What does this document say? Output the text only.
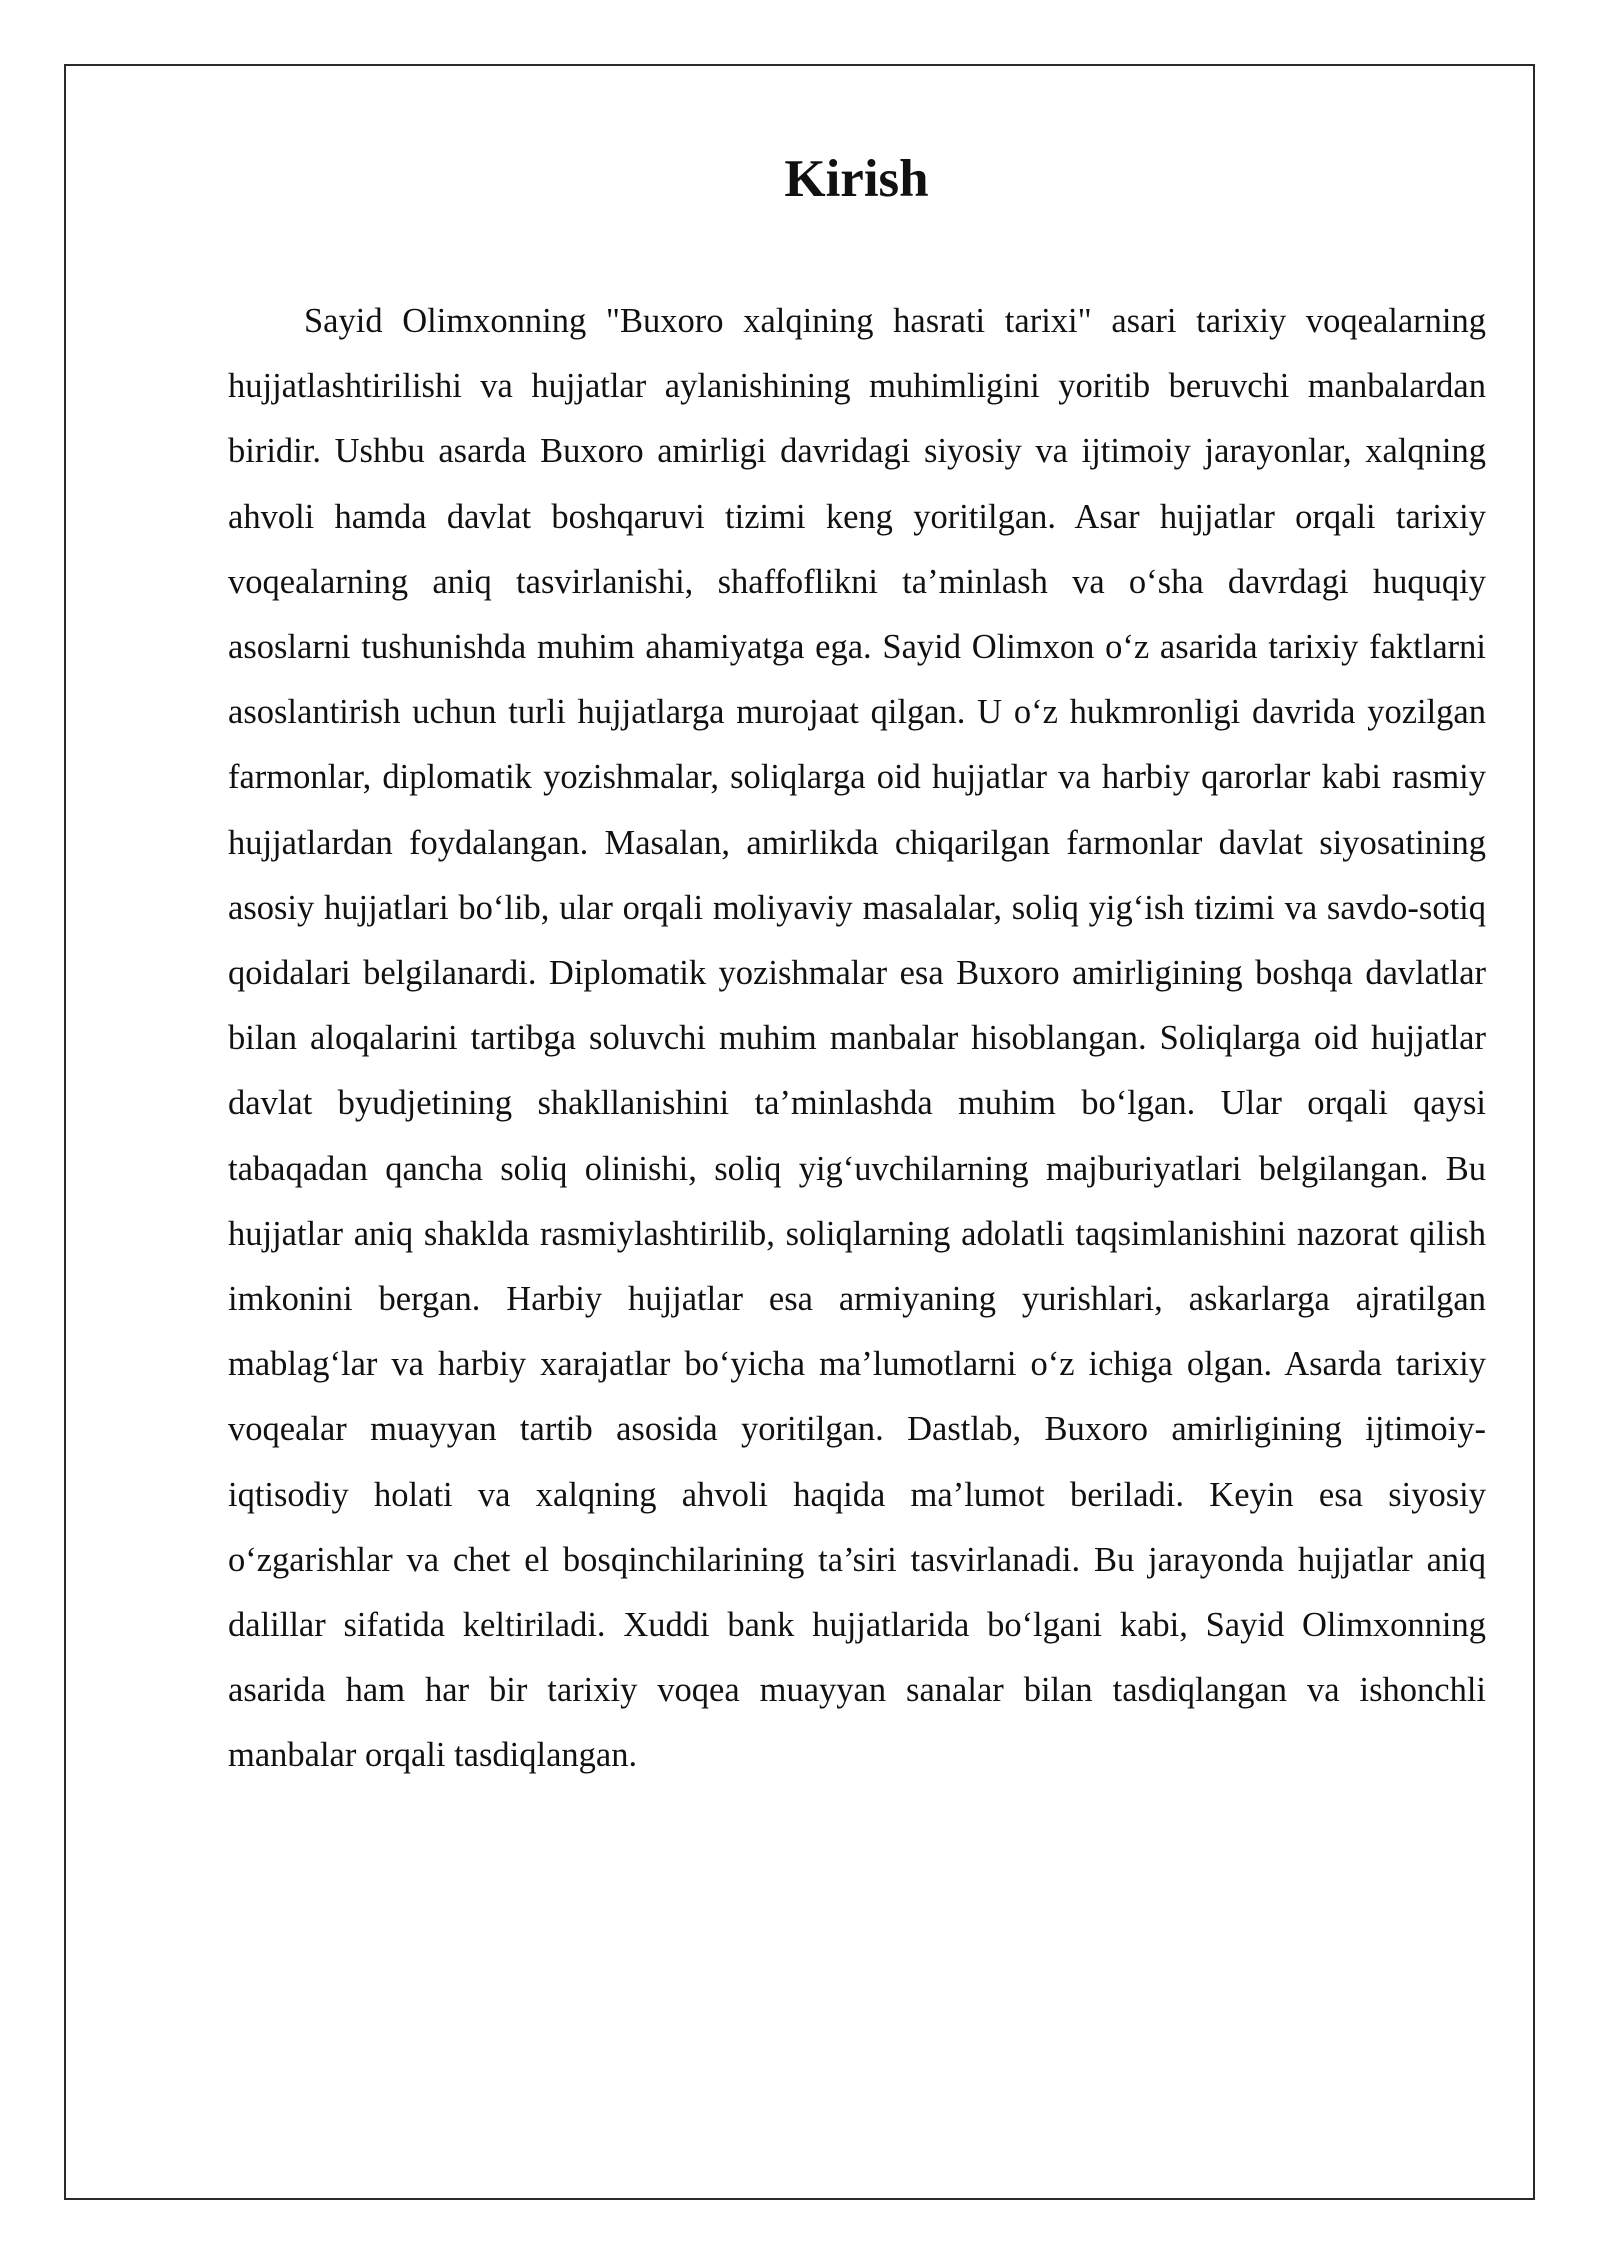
Kirish

Sayid Olimxonning "Buxoro xalqining hasrati tarixi" asari tarixiy voqealarning hujjatlashtirilishi va hujjatlar aylanishining muhimligini yoritib beruvchi manbalardan biridir. Ushbu asarda Buxoro amirligi davridagi siyosiy va ijtimoiy jarayonlar, xalqning ahvoli hamda davlat boshqaruvi tizimi keng yoritilgan. Asar hujjatlar orqali tarixiy voqealarning aniq tasvirlanishi, shaffoflikni ta’minlash va o‘sha davrdagi huquqiy asoslarni tushunishda muhim ahamiyatga ega. Sayid Olimxon o‘z asarida tarixiy faktlarni asoslantirish uchun turli hujjatlarga murojaat qilgan. U o‘z hukmronligi davrida yozilgan farmonlar, diplomatik yozishmalar, soliqlarga oid hujjatlar va harbiy qarorlar kabi rasmiy hujjatlardan foydalangan. Masalan, amirlikda chiqarilgan farmonlar davlat siyosatining asosiy hujjatlari bo‘lib, ular orqali moliyaviy masalalar, soliq yig‘ish tizimi va savdo-sotiq qoidalari belgilanardi. Diplomatik yozishmalar esa Buxoro amirligining boshqa davlatlar bilan aloqalarini tartibga soluvchi muhim manbalar hisoblangan. Soliqlarga oid hujjatlar davlat byudjetining shakllanishini ta’minlashda muhim bo‘lgan. Ular orqali qaysi tabaqadan qancha soliq olinishi, soliq yig‘uvchilarning majburiyatlari belgilangan. Bu hujjatlar aniq shaklda rasmiylashtirilib, soliqlarning adolatli taqsimlanishini nazorat qilish imkonini bergan. Harbiy hujjatlar esa armiyaning yurishlari, askarlarga ajratilgan mablag‘lar va harbiy xarajatlar bo‘yicha ma’lumotlarni o‘z ichiga olgan. Asarda tarixiy voqealar muayyan tartib asosida yoritilgan. Dastlab, Buxoro amirligining ijtimoiy-iqtisodiy holati va xalqning ahvoli haqida ma’lumot beriladi. Keyin esa siyosiy o‘zgarishlar va chet el bosqinchilarining ta’siri tasvirlanadi. Bu jarayonda hujjatlar aniq dalillar sifatida keltiriladi. Xuddi bank hujjatlarida bo‘lgani kabi, Sayid Olimxonning asarida ham har bir tarixiy voqea muayyan sanalar bilan tasdiqlangan va ishonchli manbalar orqali tasdiqlangan.
